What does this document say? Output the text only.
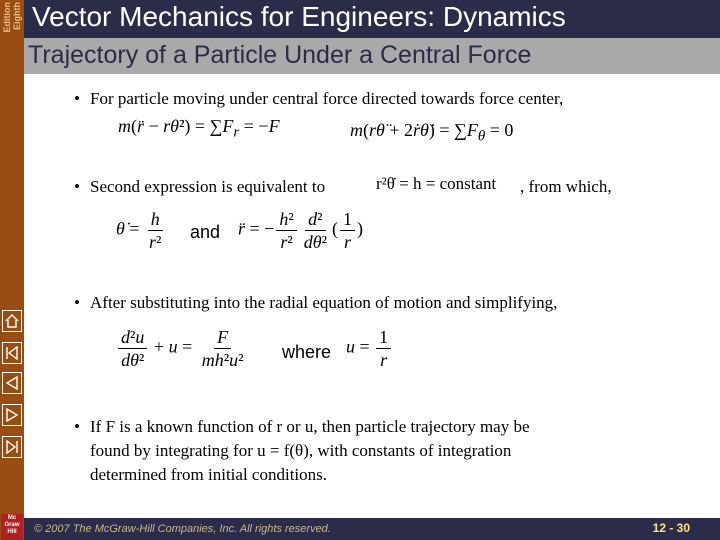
Eighth
Edition
Mc
Graw
Hill
Vector Mechanics for Engineers: Dynamics
Trajectory of a Particle Under a Central Force
• For particle moving under central force directed towards force center,
m(r̈ − rθ̇²) = $\sum F_r = -F$	m(rθ̈ + 2ṙθ̇) = $\sum F_\theta = 0$
• Second expression is equivalent to	r²θ̇ = h = constant , from which,
θ̇ = $\frac{h}{\text{r²}}$ and r̈ = − $\frac{\text{h²}}{\text{r²}} \frac{\text{d²}}{\text{dθ²}}$ ( $\frac{1}{r}$ )
• After substituting into the radial equation of motion and simplifying,
$\frac{\text{d²u}}{\text{dθ²}} + u = \frac{F}{\text{mh²u²}}$ where $u = \frac{1}{r}$
• If F is a known function of r or u, then particle trajectory may be
found by integrating for u = f(θ), with constants of integration
determined from initial conditions.
© 2007 The McGraw-Hill Companies, Inc. All rights reserved.	12 - 30
